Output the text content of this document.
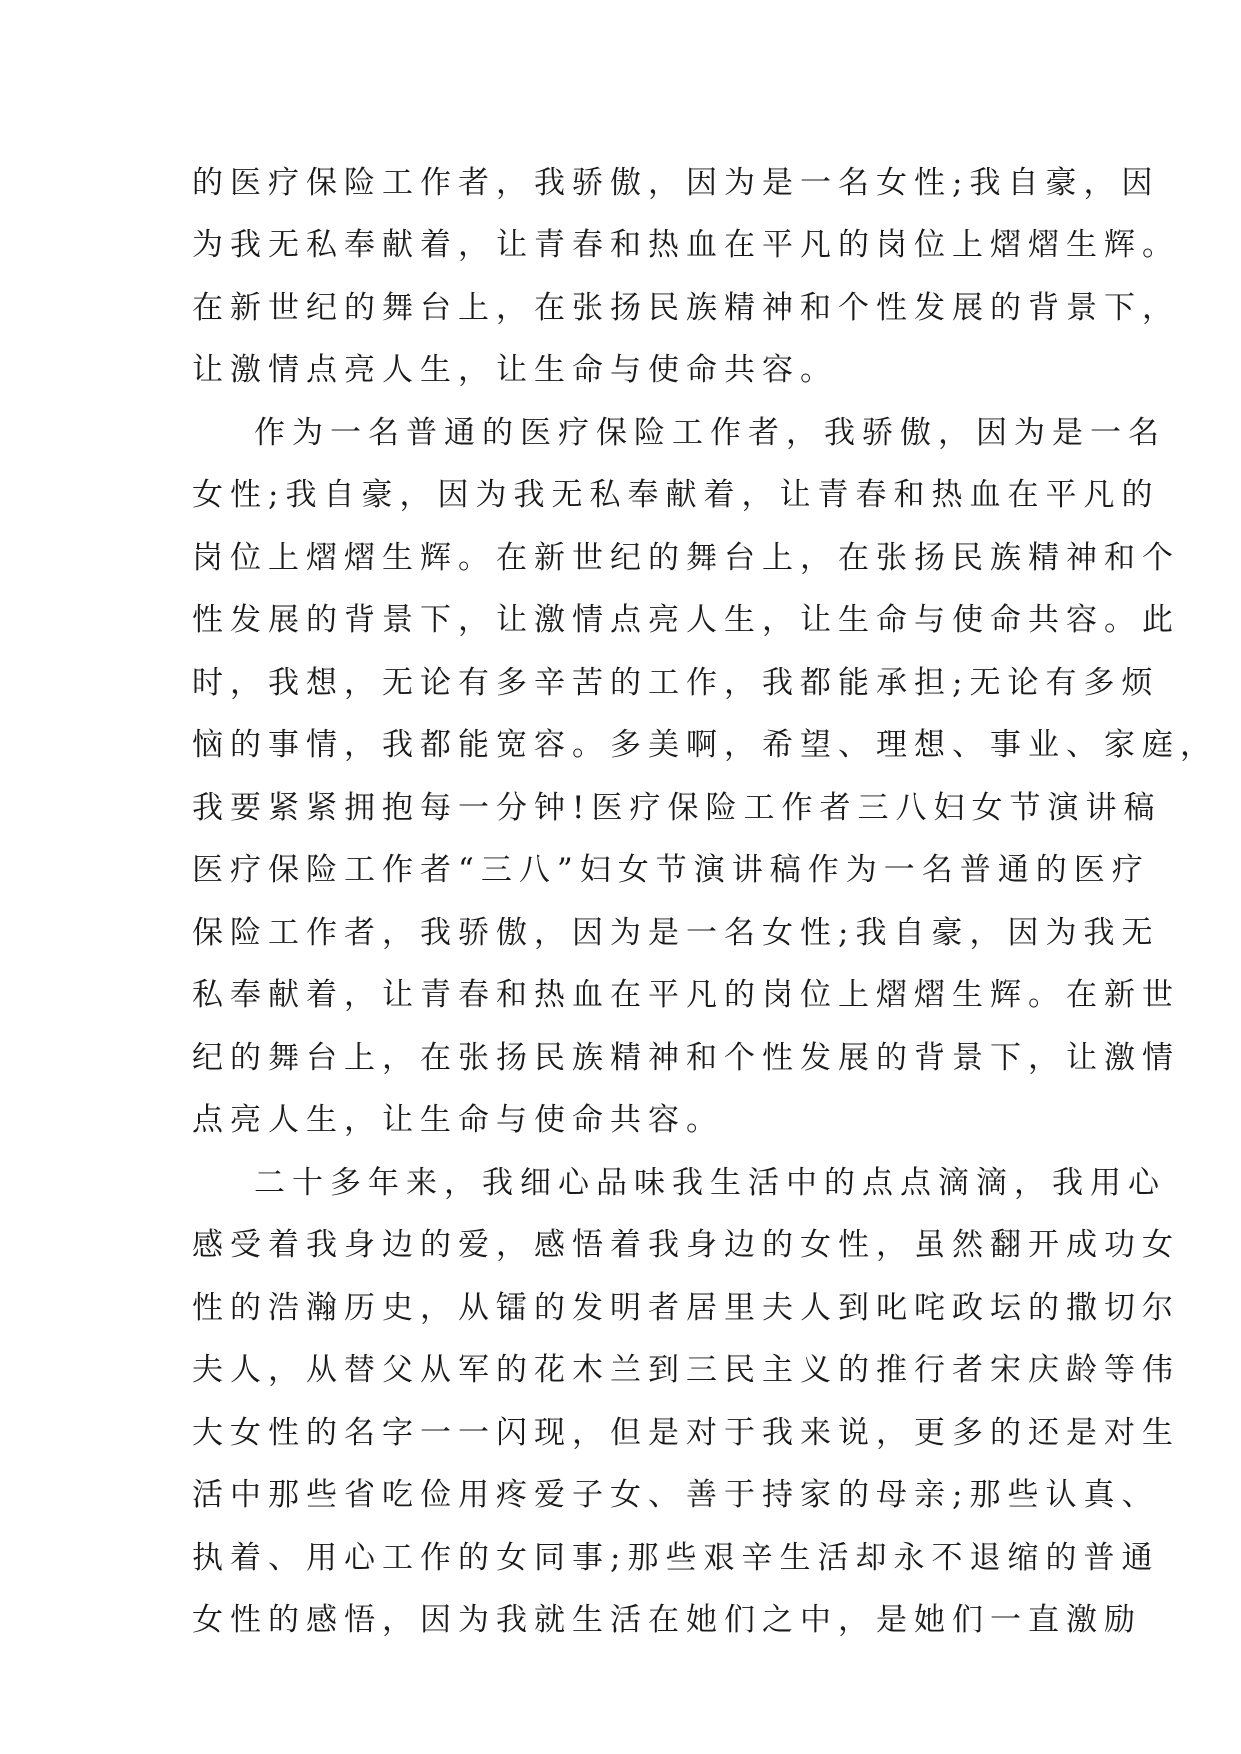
的医疗保险工作者，我骄傲，因为是一名女性;我自豪，因
为我无私奉献着，让青春和热血在平凡的岗位上熠熠生辉。
在新世纪的舞台上，在张扬民族精神和个性发展的背景下，
让激情点亮人生，让生命与使命共容。
作为一名普通的医疗保险工作者，我骄傲，因为是一名
女性;我自豪，因为我无私奉献着，让青春和热血在平凡的
岗位上熠熠生辉。在新世纪的舞台上，在张扬民族精神和个
性发展的背景下，让激情点亮人生，让生命与使命共容。此
时，我想，无论有多辛苦的工作，我都能承担;无论有多烦
恼的事情，我都能宽容。多美啊，希望、理想、事业、家庭，
我要紧紧拥抱每一分钟!医疗保险工作者三八妇女节演讲稿
医疗保险工作者“三八”妇女节演讲稿作为一名普通的医疗
保险工作者，我骄傲，因为是一名女性;我自豪，因为我无
私奉献着，让青春和热血在平凡的岗位上熠熠生辉。在新世
纪的舞台上，在张扬民族精神和个性发展的背景下，让激情
点亮人生，让生命与使命共容。
二十多年来，我细心品味我生活中的点点滴滴，我用心
感受着我身边的爱，感悟着我身边的女性，虽然翻开成功女
性的浩瀚历史，从镭的发明者居里夫人到叱咤政坛的撒切尔
夫人，从替父从军的花木兰到三民主义的推行者宋庆龄等伟
大女性的名字一一闪现，但是对于我来说，更多的还是对生
活中那些省吃俭用疼爱子女、善于持家的母亲;那些认真、
执着、用心工作的女同事;那些艰辛生活却永不退缩的普通
女性的感悟，因为我就生活在她们之中，是她们一直激励
